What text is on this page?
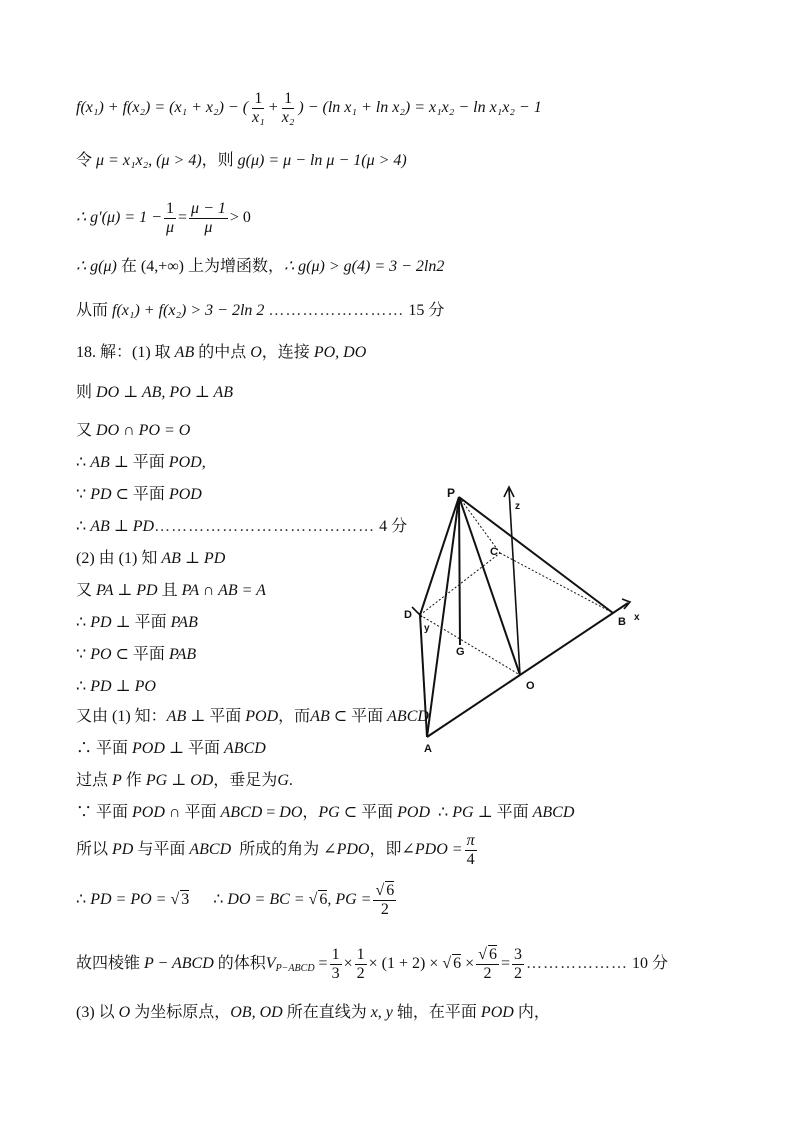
f(x₁) + f(x₂) = (x₁ + x₂) − ( $\frac{1}{\text{x₁}} + \frac{1}{\text{x₂}}$ ) − (ln x₁ + ln x₂) = x₁x₂ − ln x₁x₂ − 1
令 μ = x₁x₂, (μ > 4)，则 g(μ) = μ − ln μ − 1(μ > 4)
∴ $g'(\mu) = 1 - \frac{1}{\mu} = \frac{\mu - 1}{\mu} > 0$
∴ g(μ) 在 (4,+∞) 上为增函数，∴ g(μ) > g(4) = 3 − 2ln2
从而 f(x₁) + f(x₂) > 3 − 2ln 2 …………………… 15 分
18. 解：(1) 取 AB 的中点 O，连接 PO, DO
则 DO ⊥ AB, PO ⊥ AB
又 DO ∩ PO = O
∴ AB ⊥ 平面 POD,
∵ PD ⊂ 平面 POD
∴ AB ⊥ PD………………………………… 4 分
(2) 由 (1) 知 AB ⊥ PD
又 PA ⊥ PD 且 PA ∩ AB = A
∴ PD ⊥ 平面 PAB
∵ PO ⊂ 平面 PAB
∴ PD ⊥ PO
又由 (1) 知：AB ⊥ 平面 POD，而AB ⊂ 平面 ABCD
∴ 平面 POD ⊥ 平面 ABCD
过点 P 作 PG ⊥ OD，垂足为G.
∵ 平面 POD ∩ 平面 ABCD = DO，PG ⊂ 平面 POD ∴ PG ⊥ 平面 ABCD
所以 PD 与平面 ABCD 所成的角为 ∠PDO，即∠PDO = $\frac{\pi}{4}$
∴ PD = PO = √ 3 ∴ DO = BC = √ 6, PG = $\frac{√ 6}{2}$
故四棱锥 P − ABCD 的体积$V_{P-ABCD} = \frac{1}{3} \times \frac{1}{2} \times (1 + 2)$ × √ $6 \times \frac{√ 6}{2} = \frac{3}{2}$ ……………… 10 分
(3) 以 O 为坐标原点，OB, OD 所在直线为 x, y 轴，在平面 POD 内，
P
z
C
D
y
G
O
A
B x
